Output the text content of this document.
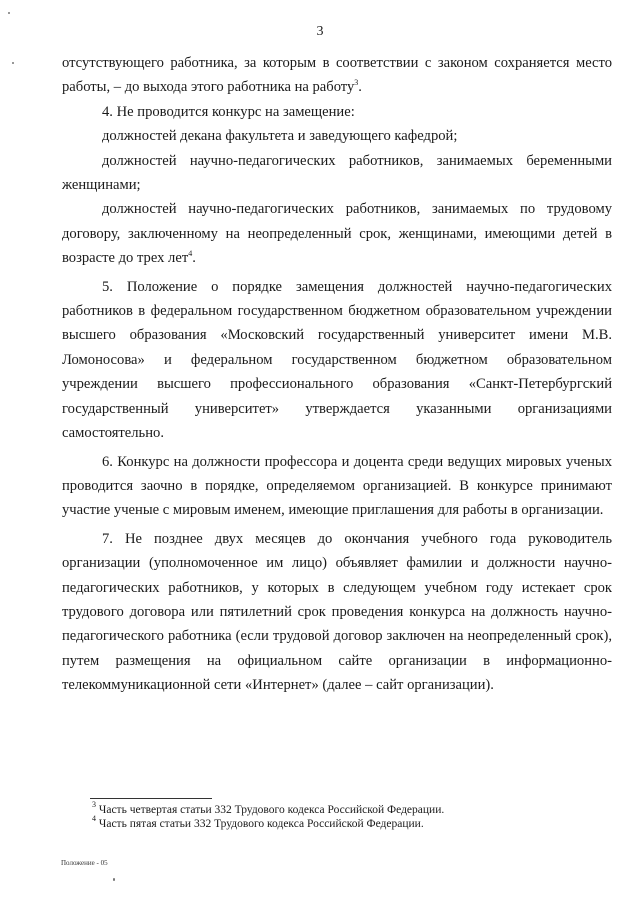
3

отсутствующего работника, за которым в соответствии с законом сохраняется место работы, – до выхода этого работника на работу$^3$.

4. Не проводится конкурс на замещение:

должностей декана факультета и заведующего кафедрой;

должностей научно-педагогических работников, занимаемых беременными женщинами;

должностей научно-педагогических работников, занимаемых по трудовому договору, заключенному на неопределенный срок, женщинами, имеющими детей в возрасте до трех лет$^4$.

5. Положение о порядке замещения должностей научно-педагогических работников в федеральном государственном бюджетном образовательном учреждении высшего образования «Московский государственный университет имени М.В. Ломоносова» и федеральном государственном бюджетном образовательном учреждении высшего профессионального образования «Санкт-Петербургский государственный университет» утверждается указанными организациями самостоятельно.

6. Конкурс на должности профессора и доцента среди ведущих мировых ученых проводится заочно в порядке, определяемом организацией. В конкурсе принимают участие ученые с мировым именем, имеющие приглашения для работы в организации.

7. Не позднее двух месяцев до окончания учебного года руководитель организации (уполномоченное им лицо) объявляет фамилии и должности научно-педагогических работников, у которых в следующем учебном году истекает срок трудового договора или пятилетний срок проведения конкурса на должность научно-педагогического работника (если трудовой договор заключен на неопределенный срок), путем размещения на официальном сайте организации в информационно-телекоммуникационной сети «Интернет» (далее – сайт организации).

$^3$ Часть четвертая статьи 332 Трудового кодекса Российской Федерации.
$^4$ Часть пятая статьи 332 Трудового кодекса Российской Федерации.
Положение - 05
